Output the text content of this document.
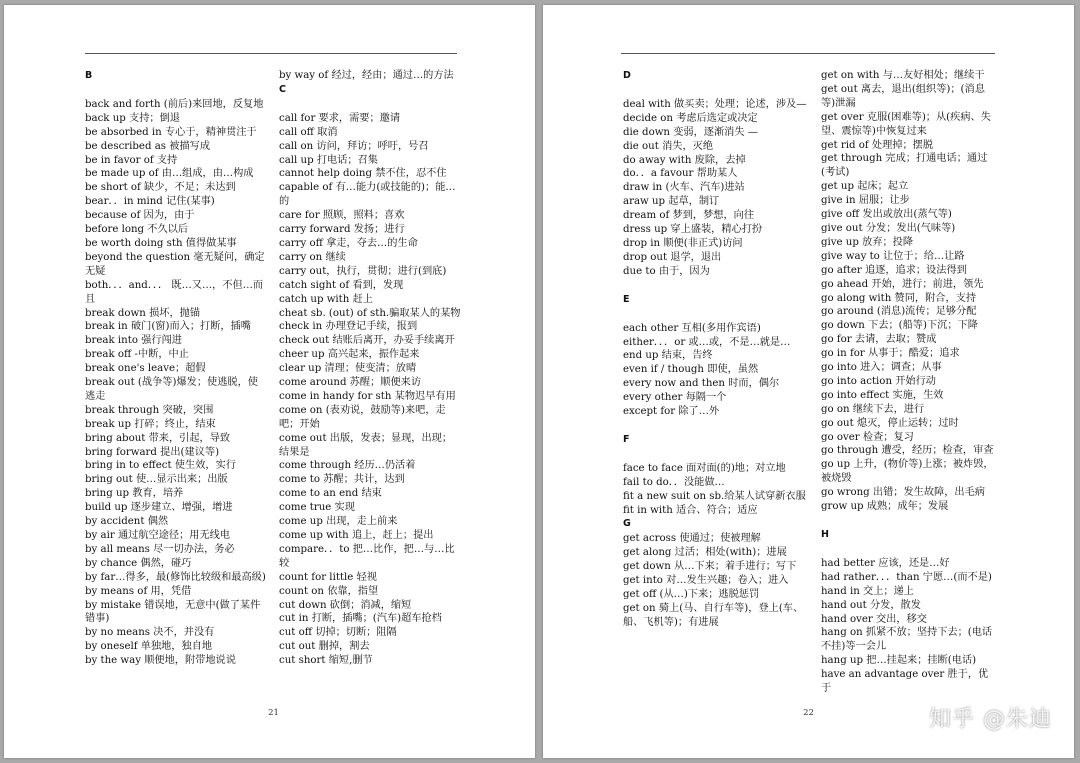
B
back and forth (前后)来回地，反复地
back up 支持；倒退
be absorbed in 专心于，精神贯注于
be described as 被描写成
be in favor of 支持
be made up of 由…组成，由…构成
be short of 缺少，不足；未达到
bear．．in mind 记住(某事)
because of 因为，由于
before long 不久以后
be worth doing sth 值得做某事
beyond the question 毫无疑问，确定无疑
both．．．and．．． 既…又…，不但…而且
break down 损坏，抛锚
break in 破门(窗)而入；打断，插嘴
break into 强行闯进
break off -中断，中止
break one's leave；超假
break out (战争等)爆发；使逃脱，使逃走
break through 突破，突围
break up 打碎；终止，结束
bring about 带来，引起，导致
bring forward 提出(建议等)
bring in to effect 使生效，实行
bring out 使…显示出来；出版
bring up 教育，培养
build up 逐步建立、增强，增进
by accident 偶然
by air 通过航空途径；用无线电
by all means 尽一切办法，务必
by chance 偶然，碰巧
by far…得多，最(修饰比较级和最高级)
by means of 用，凭借
by mistake 错误地，无意中(做了某件错事)
by no means 决不，并没有
by oneself 单独地，独自地
by the way 顺便地，附带地说说
by way of 经过，经由；通过…的方法
C
call for 要求，需要；邀请
call off 取消
call on 访问，拜访；呼吁，号召
call up 打电话；召集
cannot help doing 禁不住，忍不住
capable of 有…能力(或技能的)；能…的
care for 照顾，照料；喜欢
carry forward 发扬；进行
carry off 拿走，夺去…的生命
carry on 继续
carry out，执行，贯彻；进行(到底)
catch sight of 看到，发现
catch up with 赶上
cheat sb. (out) of sth.骗取某人的某物
check in 办理登记手续，报到
check out 结账后离开，办妥手续离开
cheer up 高兴起来，振作起来
clear up 清理；使变清；放晴
come around 苏醒；顺便来访
come in handy for sth 某物迟早有用
come on (表劝说，鼓励等)来吧，走吧；开始
come out 出版，发表；显现，出现；结果是
come through 经历…仍活着
come to 苏醒；共计，达到
come to an end 结束
come true 实现
come up 出现，走上前来
come up with 追上，赶上；提出
compare．．to 把…比作，把…与…比较
count for little 轻视
count on 依靠，指望
cut down 砍倒；消减，缩短
cut in 打断，插嘴；(汽车)超车抢档
cut off 切掉；切断；阻隔
cut out 删掉，割去
cut short 缩短,删节
21
D
deal with 做买卖；处理；论述，涉及—
decide on 考虑后选定或决定
die down 变弱，逐渐消失 —
die out 消失，灭绝
do away with 废除，去掉
do．．a favour 帮助某人
draw in (火车、汽车)进站
araw up 起草，制订
dream of 梦到，梦想，向往
dress up 穿上盛装，精心打扮
drop in 顺便(非正式)访问
drop out 退学，退出
due to 由于，因为
E
each other 互相(多用作宾语)
either．．．or 或…或，不是…就是…
end up 结束，告终
even if / though 即使，虽然
every now and then 时而，偶尔
every other 每隔一个
except for 除了…外
F
face to face 面对面(的)地；对立地
fail to do．．没能做…
fit a new suit on sb.给某人试穿新衣服
fit in with 适合、符合；适应
G
get across 使通过；使被理解
get along 过活；相处(with)；进展
get down 从…下来；着手进行；写下
get into 对…发生兴趣；卷入；进入
get off (从…)下来；逃脱惩罚
get on 骑上(马、自行车等)，登上(车、船、飞机等)；有进展
get on with 与…友好相处；继续干
get out 离去，退出(组织等)；(消息等)泄漏
get over 克服(困难等)；从(疾病、失望、震惊等)中恢复过来
get rid of 处理掉；摆脱
get through 完成；打通电话；通过(考试)
get up 起床；起立
give in 屈服；让步
give off 发出或放出(蒸气等)
give out 分发；发出(气味等)
give up 放弃；投降
give way to 让位于；给…让路
go after 追逐，追求；设法得到
go ahead 开始，进行；前进，领先
go along with 赞同，附合，支持
go around (消息)流传；足够分配
go down 下去；(船等)下沉；下降
go for 去请，去取；赞成
go in for 从事于；酷爱；追求
go into 进入；调查；从事
go into action 开始行动
go into effect 实施，生效
go on 继续下去，进行
go out 熄灭，停止运转；过时
go over 检查；复习
go through 遭受，经历；检查，审查
go up 上升，(物价等)上涨；被炸毁，被烧毁
go wrong 出错；发生故障，出毛病
grow up 成熟；成年；发展
H
had better 应该，还是…好
had rather．．．than 宁愿…(而不是)
hand in 交上；递上
hand out 分发，散发
hand over 交出，移交
hang on 抓紧不放；坚持下去；(电话不挂)等一会儿
hang up 把…挂起来；挂断(电话)
have an advantage over 胜于，优于
22	知乎 @朱迪
